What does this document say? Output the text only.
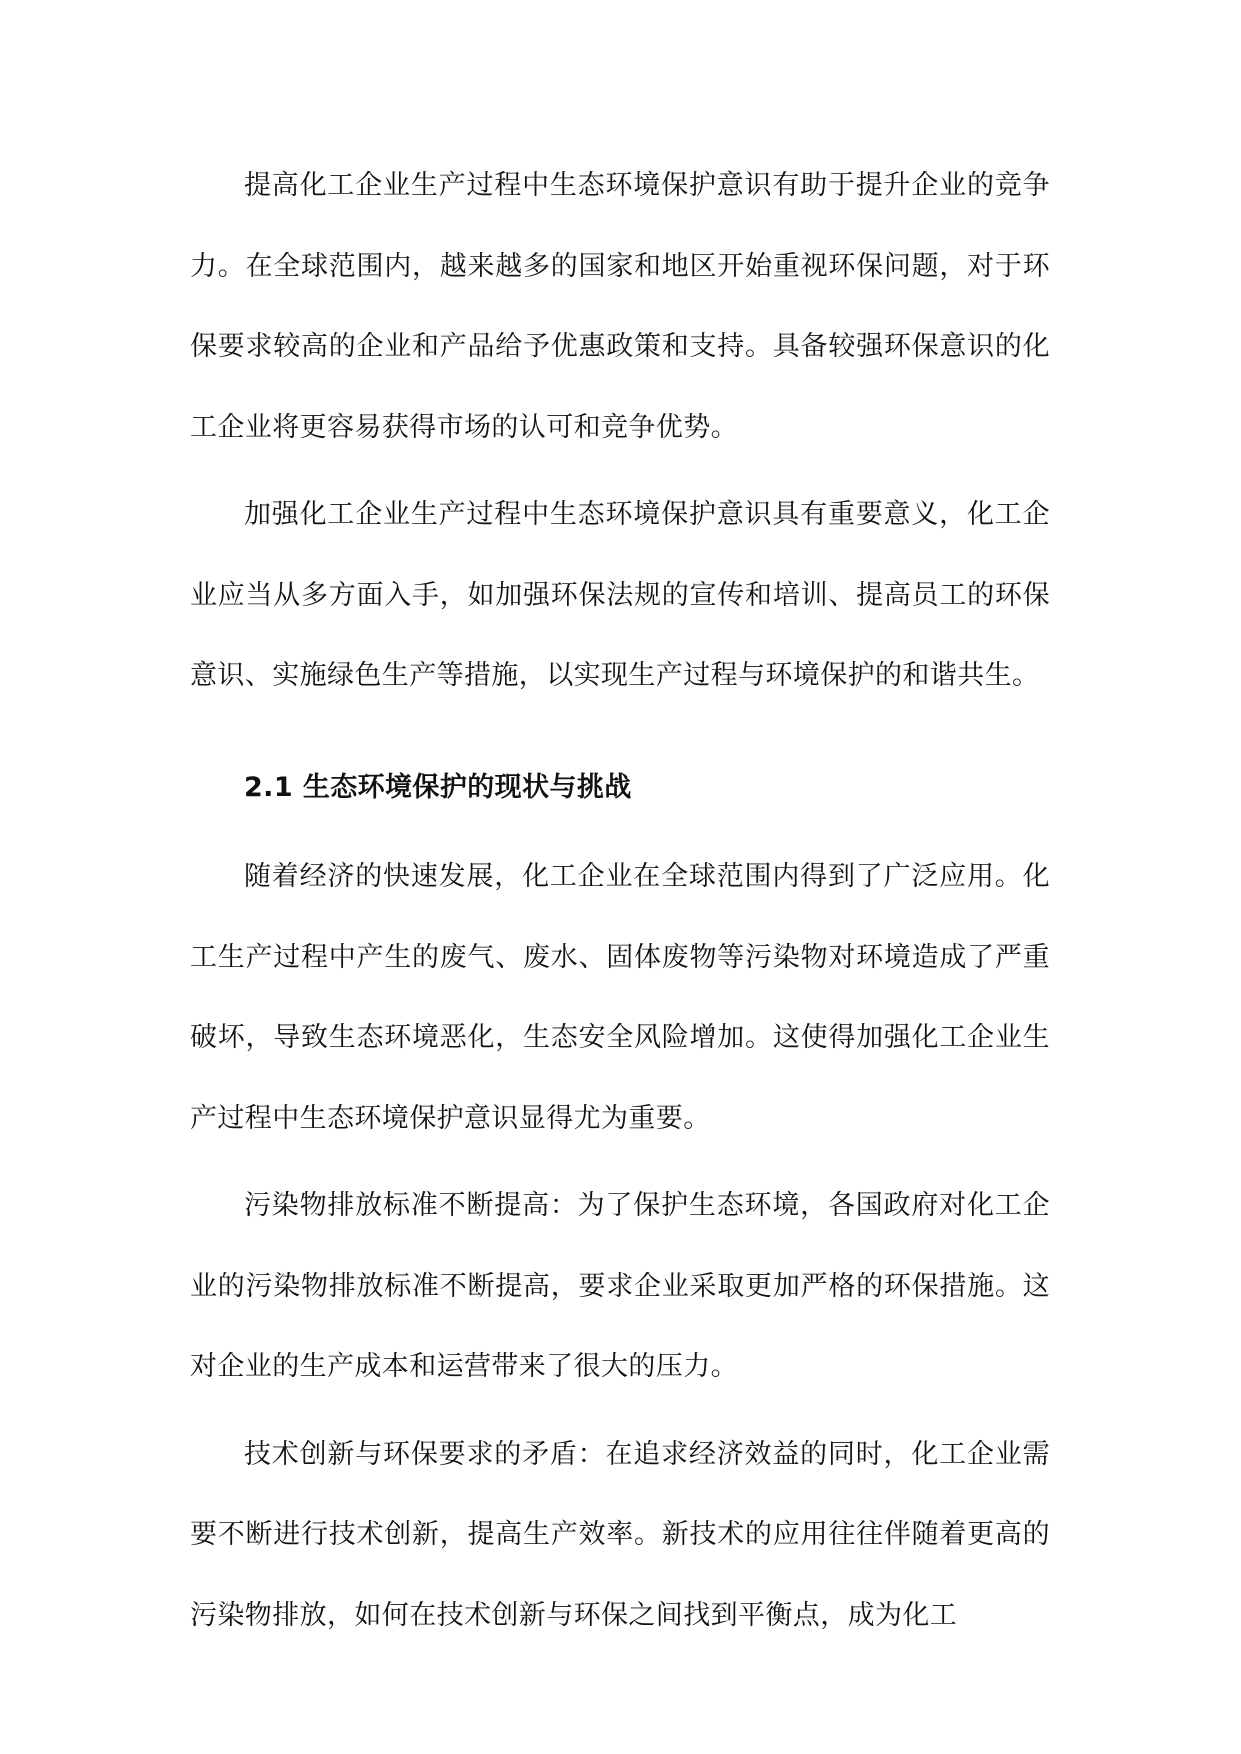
提高化工企业生产过程中生态环境保护意识有助于提升企业的竞争力。在全球范围内，越来越多的国家和地区开始重视环保问题，对于环保要求较高的企业和产品给予优惠政策和支持。具备较强环保意识的化工企业将更容易获得市场的认可和竞争优势。

加强化工企业生产过程中生态环境保护意识具有重要意义，化工企业应当从多方面入手，如加强环保法规的宣传和培训、提高员工的环保意识、实施绿色生产等措施，以实现生产过程与环境保护的和谐共生。

2.1 生态环境保护的现状与挑战

随着经济的快速发展，化工企业在全球范围内得到了广泛应用。化工生产过程中产生的废气、废水、固体废物等污染物对环境造成了严重破坏，导致生态环境恶化，生态安全风险增加。这使得加强化工企业生产过程中生态环境保护意识显得尤为重要。

污染物排放标准不断提高：为了保护生态环境，各国政府对化工企业的污染物排放标准不断提高，要求企业采取更加严格的环保措施。这对企业的生产成本和运营带来了很大的压力。

技术创新与环保要求的矛盾：在追求经济效益的同时，化工企业需要不断进行技术创新，提高生产效率。新技术的应用往往伴随着更高的污染物排放，如何在技术创新与环保之间找到平衡点，成为化工
